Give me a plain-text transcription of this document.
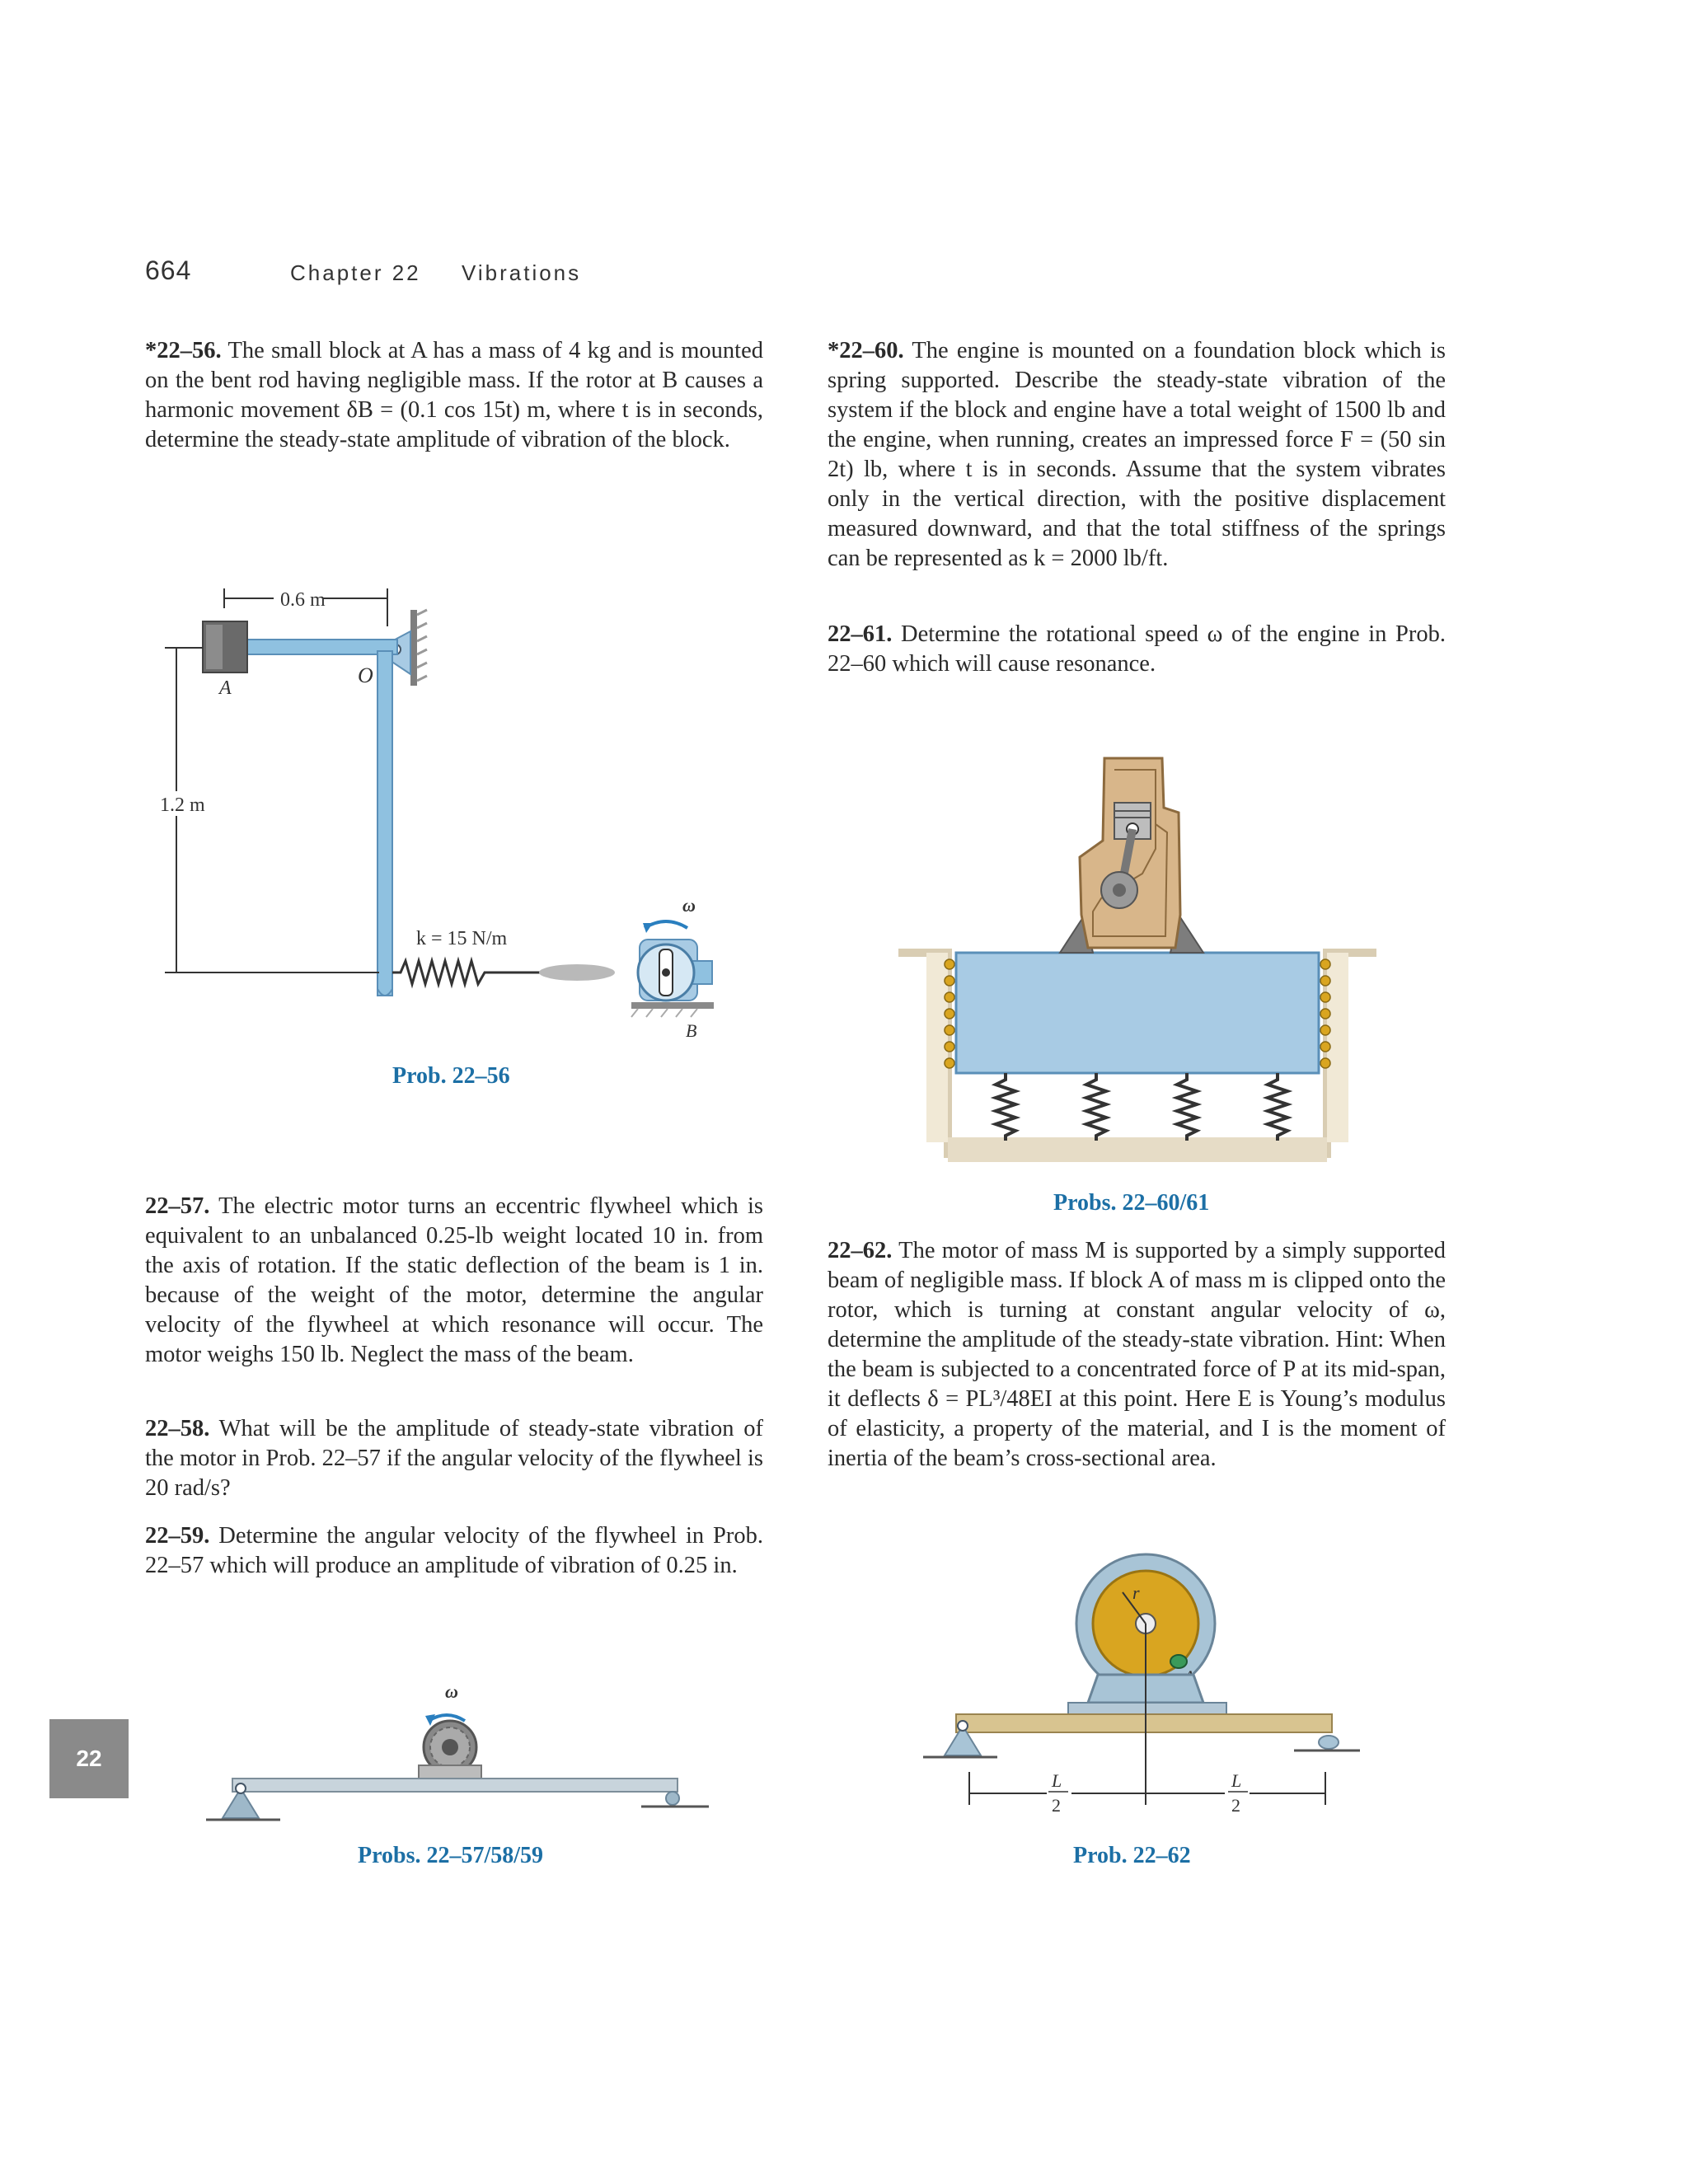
664	Chapter 22 Vibrations
*22–56. The small block at A has a mass of 4 kg and is mounted on the bent rod having negligible mass. If the rotor at B causes a harmonic movement δB = (0.1 cos 15t) m, where t is in seconds, determine the steady-state amplitude of vibration of the block.
22–57. The electric motor turns an eccentric flywheel which is equivalent to an unbalanced 0.25-lb weight located 10 in. from the axis of rotation. If the static deflection of the beam is 1 in. because of the weight of the motor, determine the angular velocity of the flywheel at which resonance will occur. The motor weighs 150 lb. Neglect the mass of the beam.
22–58. What will be the amplitude of steady-state vibration of the motor in Prob. 22–57 if the angular velocity of the flywheel is 20 rad/s?
22–59. Determine the angular velocity of the flywheel in Prob. 22–57 which will produce an amplitude of vibration of 0.25 in.
*22–60. The engine is mounted on a foundation block which is spring supported. Describe the steady-state vibration of the system if the block and engine have a total weight of 1500 lb and the engine, when running, creates an impressed force F = (50 sin 2t) lb, where t is in seconds. Assume that the system vibrates only in the vertical direction, with the positive displacement measured downward, and that the total stiffness of the springs can be represented as k = 2000 lb/ft.
22–61. Determine the rotational speed ω of the engine in Prob. 22–60 which will cause resonance.
22–62. The motor of mass M is supported by a simply supported beam of negligible mass. If block A of mass m is clipped onto the rotor, which is turning at constant angular velocity of ω, determine the amplitude of the steady-state vibration. Hint: When the beam is subjected to a concentrated force of P at its mid-span, it deflects δ = PL³/48EI at this point. Here E is Young’s modulus of elasticity, a property of the material, and I is the moment of inertia of the beam’s cross-sectional area.
0.6 m
A
O
1.2 m
k = 15 N/m
ω
B
Prob. 22–56
ω
Probs. 22–57/58/59
Probs. 22–60/61
r
L
2
L
2
Prob. 22–62
22
